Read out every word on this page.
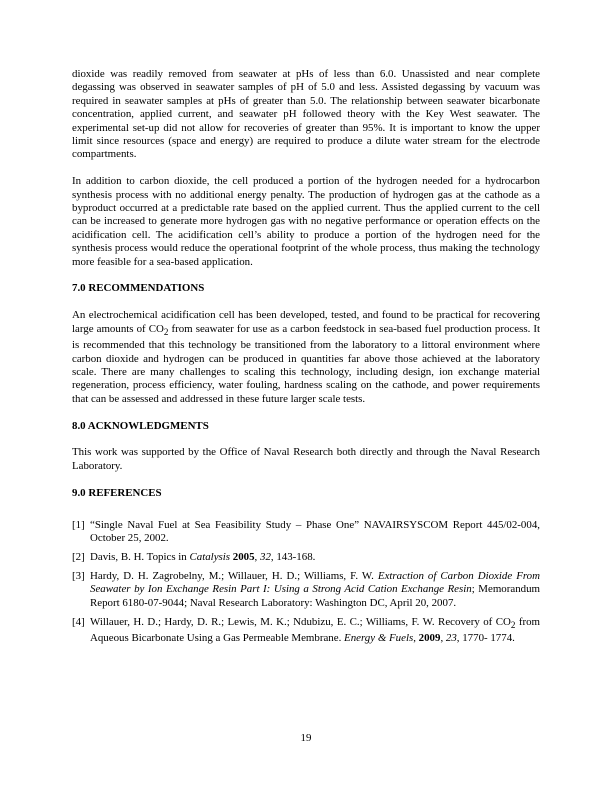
dioxide was readily removed from seawater at pHs of less than 6.0. Unassisted and near complete degassing was observed in seawater samples of pH of 5.0 and less. Assisted degassing by vacuum was required in seawater samples at pHs of greater than 5.0. The relationship between seawater bicarbonate concentration, applied current, and seawater pH followed theory with the Key West seawater. The experimental set-up did not allow for recoveries of greater than 95%. It is important to know the upper limit since resources (space and energy) are required to produce a dilute water stream for the electrode compartments.

In addition to carbon dioxide, the cell produced a portion of the hydrogen needed for a hydrocarbon synthesis process with no additional energy penalty. The production of hydrogen gas at the cathode as a byproduct occurred at a predictable rate based on the applied current. Thus the applied current to the cell can be increased to generate more hydrogen gas with no negative performance or operation effects on the acidification cell. The acidification cell’s ability to produce a portion of the hydrogen need for the synthesis process would reduce the operational footprint of the whole process, thus making the technology more feasible for a sea-based application.

7.0 RECOMMENDATIONS

An electrochemical acidification cell has been developed, tested, and found to be practical for recovering large amounts of $CO_2$ from seawater for use as a carbon feedstock in sea-based fuel production process. It is recommended that this technology be transitioned from the laboratory to a littoral environment where carbon dioxide and hydrogen can be produced in quantities far above those achieved at the laboratory scale. There are many challenges to scaling this technology, including design, ion exchange material regeneration, process efficiency, water fouling, hardness scaling on the cathode, and power requirements that can be assessed and addressed in these future larger scale tests.

8.0 ACKNOWLEDGMENTS

This work was supported by the Office of Naval Research both directly and through the Naval Research Laboratory.

9.0 REFERENCES
[1] “Single Naval Fuel at Sea Feasibility Study – Phase One” NAVAIRSYSCOM Report 445/02-004, October 25, 2002.
[2] Davis, B. H. Topics in Catalysis 2005, 32, 143-168.
[3] Hardy, D. H. Zagrobelny, M.; Willauer, H. D.; Williams, F. W. Extraction of Carbon Dioxide From Seawater by Ion Exchange Resin Part I: Using a Strong Acid Cation Exchange Resin; Memorandum Report 6180-07-9044; Naval Research Laboratory: Washington DC, April 20, 2007.
[4] Willauer, H. D.; Hardy, D. R.; Lewis, M. K.; Ndubizu, E. C.; Williams, F. W. Recovery of $CO_2$ from Aqueous Bicarbonate Using a Gas Permeable Membrane. Energy & Fuels, 2009, 23, 1770- 1774.
19
